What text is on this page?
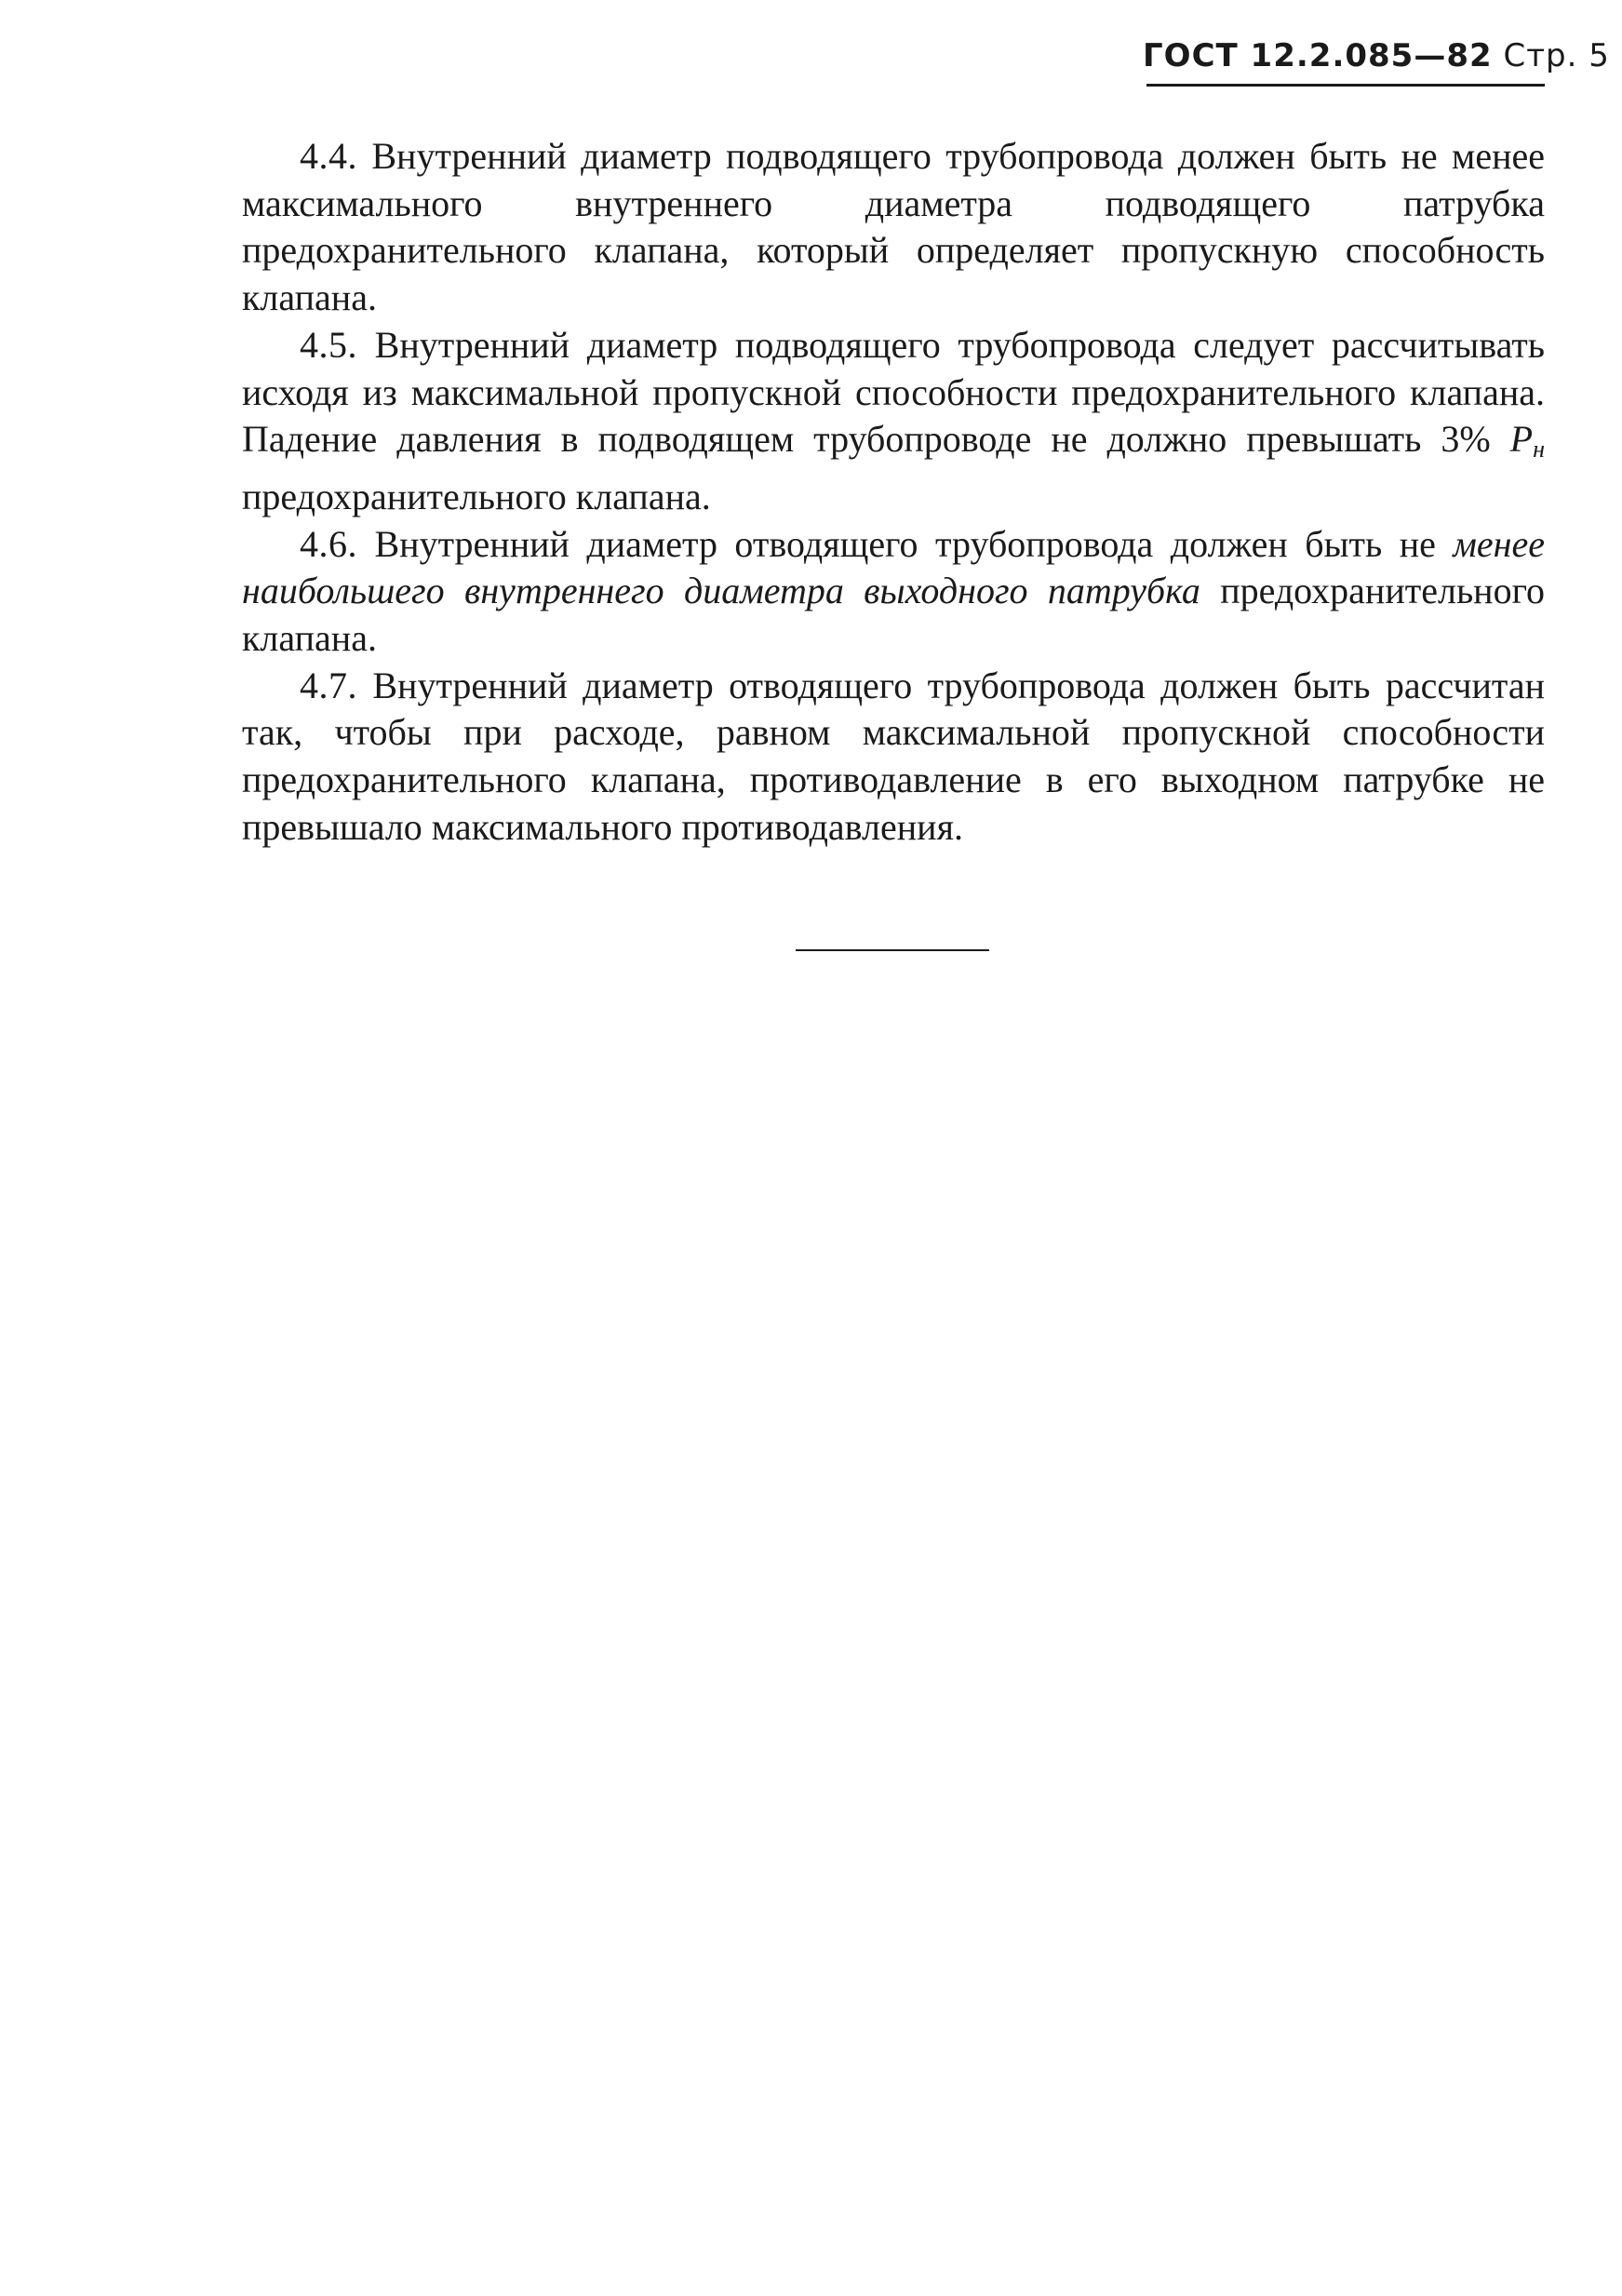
ГОСТ 12.2.085—82 Стр. 5

4.4. Внутренний диаметр подводящего трубопровода должен быть не менее максимального внутреннего диаметра подводящего патрубка предохранительного клапана, который определяет пропускную способность клапана.

4.5. Внутренний диаметр подводящего трубопровода следует рассчитывать исходя из максимальной пропускной способности предохранительного клапана. Падение давления в подводящем трубопроводе не должно превышать 3% $P_н$ предохранительного клапана.

4.6. Внутренний диаметр отводящего трубопровода должен быть не менее наибольшего внутреннего диаметра выходного патрубка предохранительного клапана.

4.7. Внутренний диаметр отводящего трубопровода должен быть рассчитан так, чтобы при расходе, равном максимальной пропускной способности предохранительного клапана, противодавление в его выходном патрубке не превышало максимального противодавления.
